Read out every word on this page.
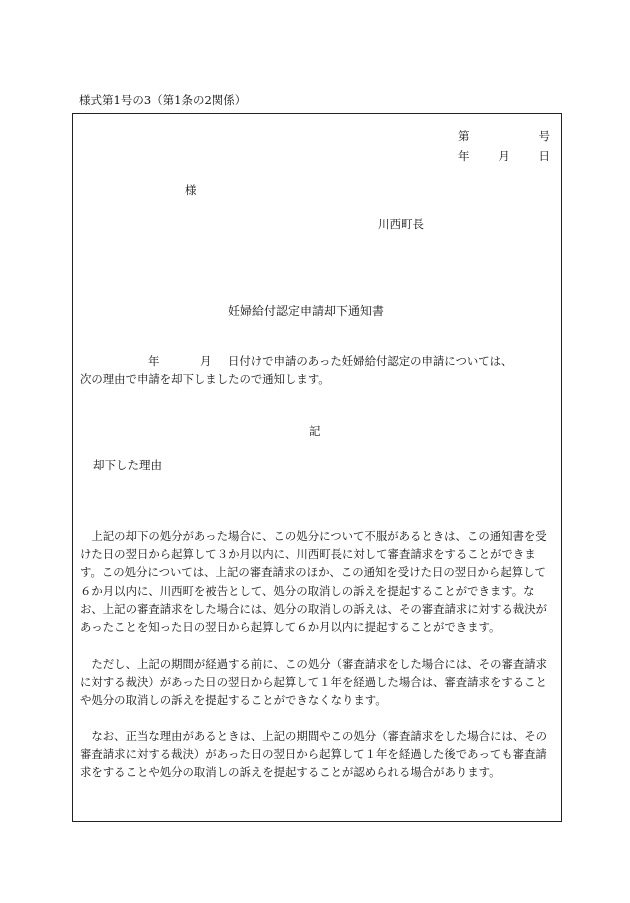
様式第1号の3（第1条の2関係）
第	号
年	月	日
様
川西町長
妊婦給付認定申請却下通知書
年	月 日付けで申請のあった妊婦給付認定の申請については、
次の理由で申請を却下しましたので通知します。
記
却下した理由
上記の却下の処分があった場合に、この処分について不服があるときは、この通知書を受けた日の翌日から起算して３か月以内に、川西町長に対して審査請求をすることができます。この処分については、上記の審査請求のほか、この通知を受けた日の翌日から起算して６か月以内に、川西町を被告として、処分の取消しの訴えを提起することができます。なお、上記の審査請求をした場合には、処分の取消しの訴えは、その審査請求に対する裁決があったことを知った日の翌日から起算して６か月以内に提起することができます。
ただし、上記の期間が経過する前に、この処分（審査請求をした場合には、その審査請求に対する裁決）があった日の翌日から起算して１年を経過した場合は、審査請求をすることや処分の取消しの訴えを提起することができなくなります。
なお、正当な理由があるときは、上記の期間やこの処分（審査請求をした場合には、その審査請求に対する裁決）があった日の翌日から起算して１年を経過した後であっても審査請求をすることや処分の取消しの訴えを提起することが認められる場合があります。
